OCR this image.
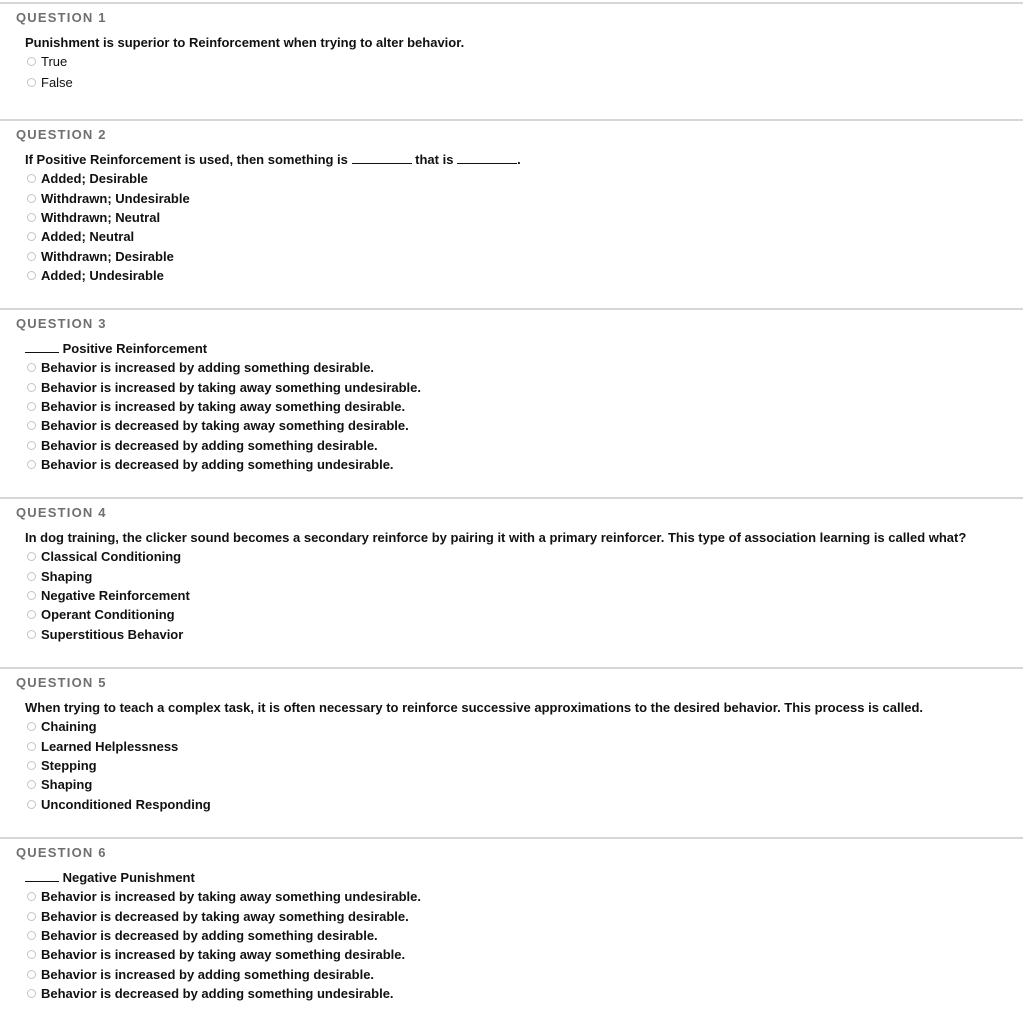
QUESTION 1

Punishment is superior to Reinforcement when trying to alter behavior.

True
False
QUESTION 2

If Positive Reinforcement is used, then something is	that is	.

Added; Desirable
Withdrawn; Undesirable
Withdrawn; Neutral
Added; Neutral
Withdrawn; Desirable
Added; Undesirable
QUESTION 3

Positive Reinforcement

Behavior is increased by adding something desirable.
Behavior is increased by taking away something undesirable.
Behavior is increased by taking away something desirable.
Behavior is decreased by taking away something desirable.
Behavior is decreased by adding something desirable.
Behavior is decreased by adding something undesirable.
QUESTION 4

In dog training, the clicker sound becomes a secondary reinforce by pairing it with a primary reinforcer. This type of association learning is called what?

Classical Conditioning
Shaping
Negative Reinforcement
Operant Conditioning
Superstitious Behavior
QUESTION 5

When trying to teach a complex task, it is often necessary to reinforce successive approximations to the desired behavior. This process is called.

Chaining
Learned Helplessness
Stepping
Shaping
Unconditioned Responding
QUESTION 6

Negative Punishment

Behavior is increased by taking away something undesirable.
Behavior is decreased by taking away something desirable.
Behavior is decreased by adding something desirable.
Behavior is increased by taking away something desirable.
Behavior is increased by adding something desirable.
Behavior is decreased by adding something undesirable.
